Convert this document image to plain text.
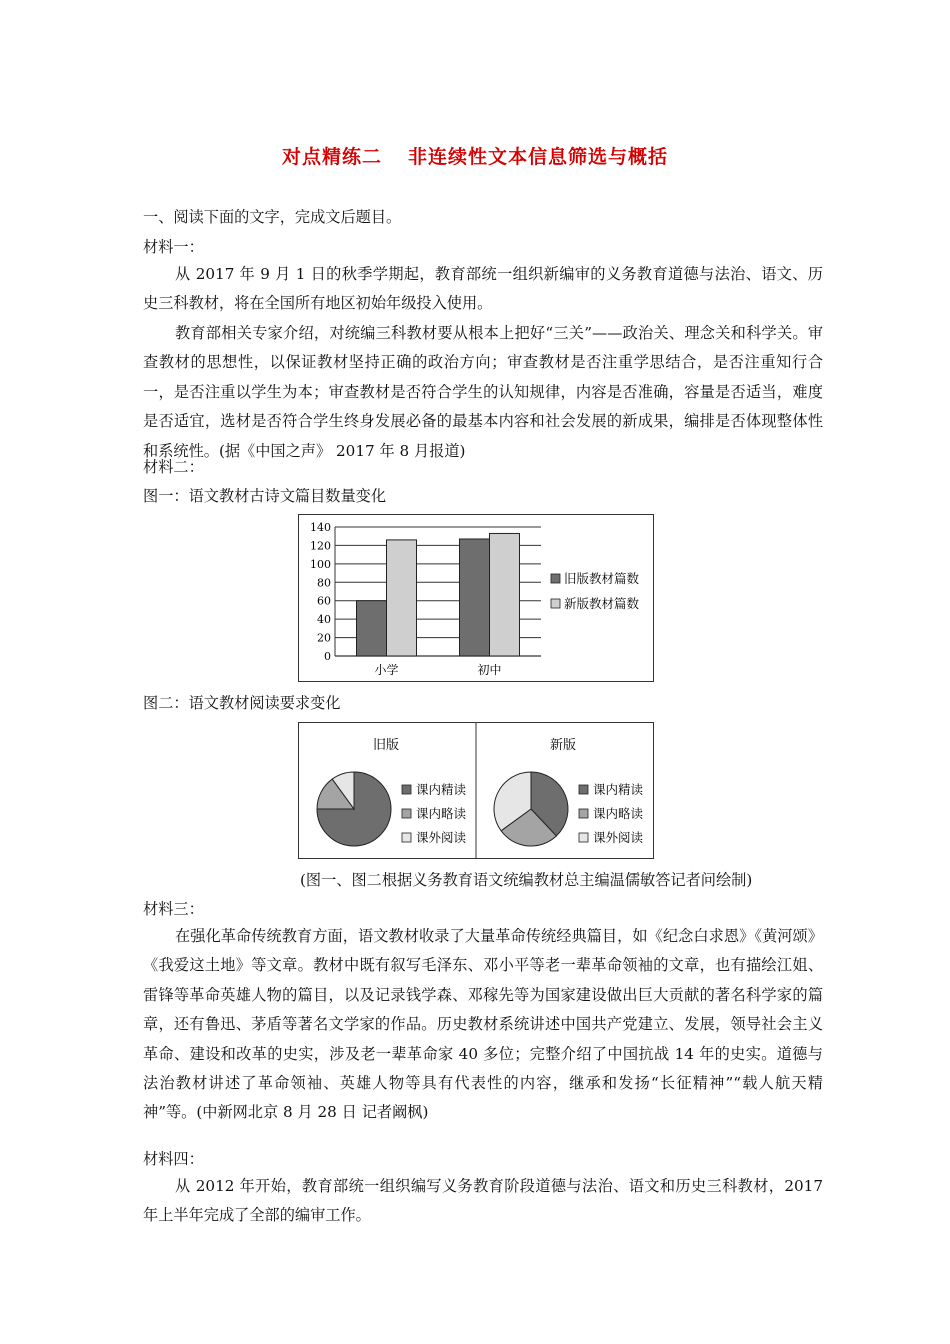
对点精练二 非连续性文本信息筛选与概括
一、阅读下面的文字，完成文后题目。
材料一：
从 2017 年 9 月 1 日的秋季学期起，教育部统一组织新编审的义务教育道德与法治、语文、历史三科教材，将在全国所有地区初始年级投入使用。
教育部相关专家介绍，对统编三科教材要从根本上把好“三关”——政治关、理念关和科学关。审查教材的思想性，以保证教材坚持正确的政治方向；审查教材是否注重学思结合，是否注重知行合一，是否注重以学生为本；审查教材是否符合学生的认知规律，内容是否准确，容量是否适当，难度是否适宜，选材是否符合学生终身发展必备的最基本内容和社会发展的新成果，编排是否体现整体性和系统性。(据《中国之声》 2017 年 8 月报道)
材料二：
图一：语文教材古诗文篇目数量变化
0
20
40
60
80
100
120
140
小学	初中
旧版教材篇数
新版教材篇数
图二：语文教材阅读要求变化
旧版
课内精读
课内略读
课外阅读
新版
课内精读
课内略读
课外阅读
(图一、图二根据义务教育语文统编教材总主编温儒敏答记者问绘制)
材料三：
在强化革命传统教育方面，语文教材收录了大量革命传统经典篇目，如《纪念白求恩》《黄河颂》《我爱这土地》等文章。教材中既有叙写毛泽东、邓小平等老一辈革命领袖的文章，也有描绘江姐、雷锋等革命英雄人物的篇目，以及记录钱学森、邓稼先等为国家建设做出巨大贡献的著名科学家的篇章，还有鲁迅、茅盾等著名文学家的作品。历史教材系统讲述中国共产党建立、发展，领导社会主义革命、建设和改革的史实，涉及老一辈革命家 40 多位；完整介绍了中国抗战 14 年的史实。道德与法治教材讲述了革命领袖、英雄人物等具有代表性的内容，继承和发扬“长征精神”“载人航天精神”等。(中新网北京 8 月 28 日 记者阚枫)
材料四：
从 2012 年开始，教育部统一组织编写义务教育阶段道德与法治、语文和历史三科教材，2017 年上半年完成了全部的编审工作。
